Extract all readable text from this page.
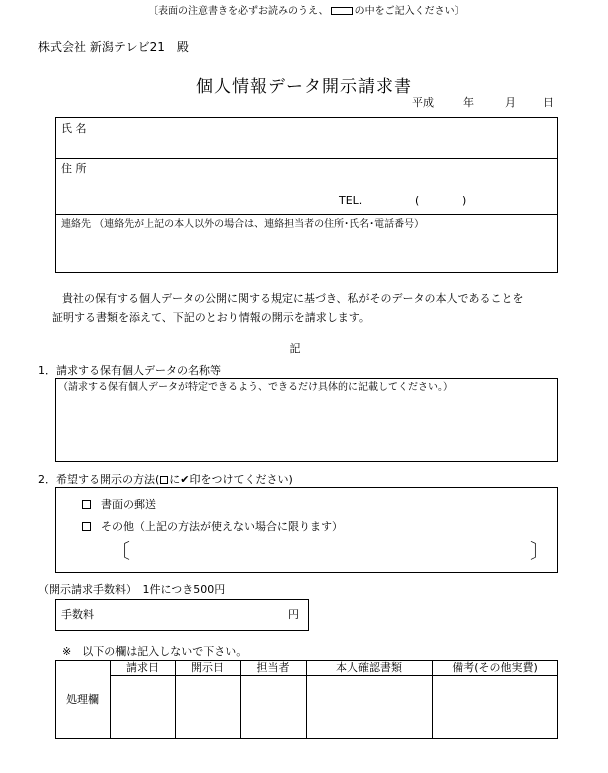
〔表面の注意書きを必ずお読みのうえ、	の中をご記入ください〕
株式会社 新潟テレビ21　殿
個人情報データ開示請求書
平成	年	月 日
氏 名
住 所
TEL.	(	)
連絡先 （連絡先が上記の本人以外の場合は、連絡担当者の住所･氏名･電話番号）
貴社の保有する個人データの公開に関する規定に基づき、私がそのデータの本人であることを
証明する書類を添えて、下記のとおり情報の開示を請求します。
記
1．請求する保有個人データの名称等
（請求する保有個人データが特定できるよう、できるだけ具体的に記載してください。）
2．希望する開示の方法( に✔印をつけてください)
書面の郵送
その他（上記の方法が使えない場合に限ります）
〔	〕
（開示請求手数料）　1件につき500円
手数料	円
※　以下の欄は記入しないで下さい。
処理欄
請求日	開示日	担当者	本人確認書類	備考(その他実費)
